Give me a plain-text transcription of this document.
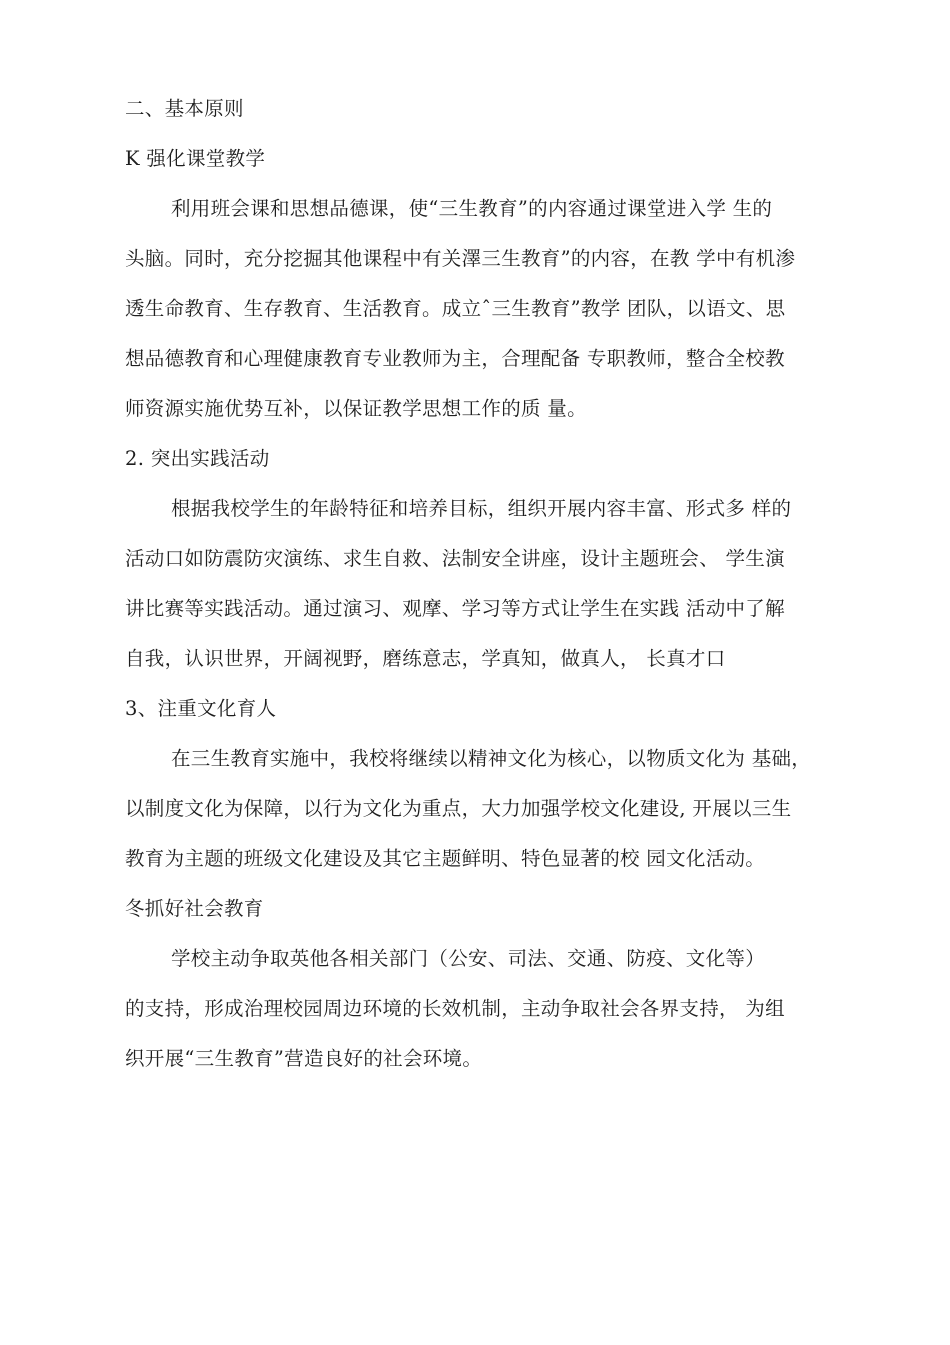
二、基本原则
K 强化课堂教学
利用班会课和思想品德课，使“三生教育”的内容通过课堂进入学 生的
头脑。同时，充分挖掘其他课程中有关澤三生教育”的内容，在教 学中有机渗
透生命教育、生存教育、生活教育。成立ˆ三生教育”教学 团队，以语文、思
想品德教育和心理健康教育专业教师为主，合理配备 专职教师，整合全校教
师资源实施优势互补，以保证教学思想工作的质 量。
2. 突出实践活动
根据我校学生的年龄特征和培养目标，组织开展内容丰富、形式多 样的
活动口如防震防灾演练、求生自救、法制安全讲座，设计主题班会、 学生演
讲比赛等实践活动。通过演习、观摩、学习等方式让学生在实践 活动中了解
自我，认识世界，开阔视野，磨练意志，学真知，做真人， 长真才口
3、注重文化育人
在三生教育实施中，我校将继续以精神文化为核心，以物质文化为 基础，
以制度文化为保障，以行为文化为重点，大力加强学校文化建设, 开展以三生
教育为主题的班级文化建设及其它主题鲜明、特色显著的校 园文化活动。
冬抓好社会教育
学校主动争取英他各相关部门（公安、司法、交通、防疫、文化等）
的支持，形成治理校园周边环境的长效机制，主动争取社会各界支持， 为组
织开展“三生教育”营造良好的社会环境。
